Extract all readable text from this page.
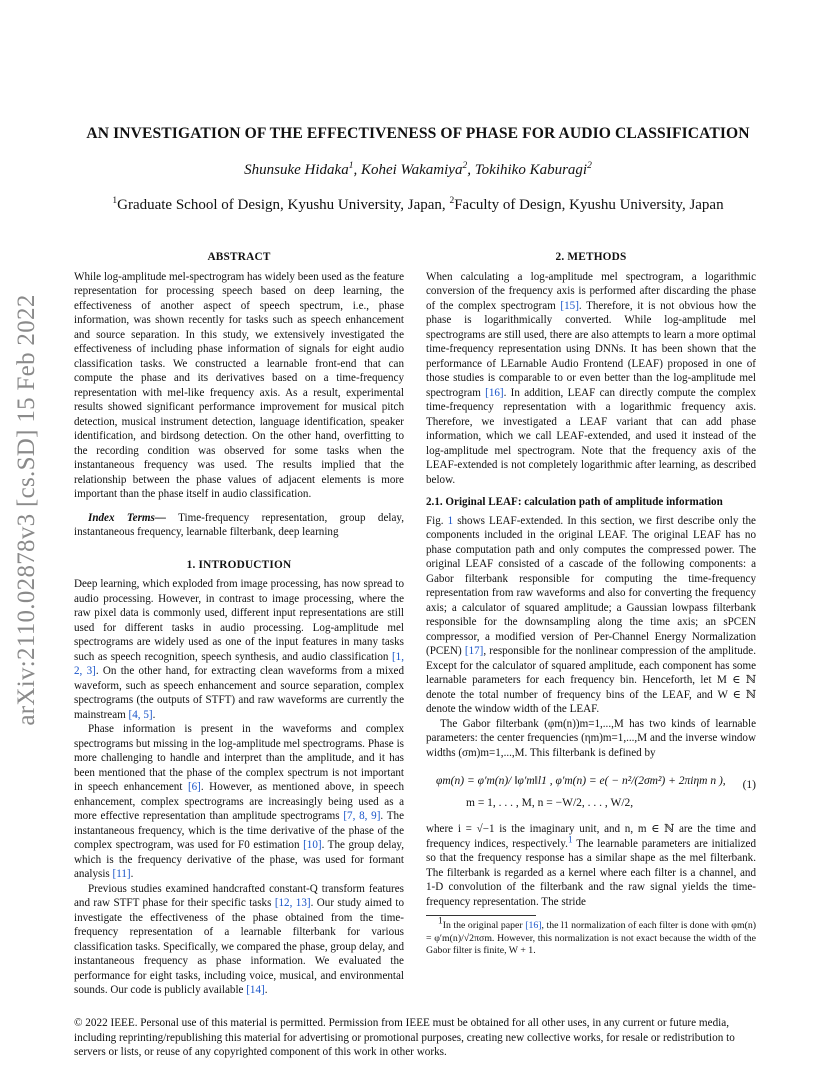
arXiv:2110.02878v3 [cs.SD] 15 Feb 2022
AN INVESTIGATION OF THE EFFECTIVENESS OF PHASE FOR AUDIO CLASSIFICATION
Shunsuke Hidaka$^1$, Kohei Wakamiya$^2$, Tokihiko Kaburagi$^2$
$^1$Graduate School of Design, Kyushu University, Japan, $^2$Faculty of Design, Kyushu University, Japan
ABSTRACT

While log-amplitude mel-spectrogram has widely been used as the feature representation for processing speech based on deep learning, the effectiveness of another aspect of speech spectrum, i.e., phase information, was shown recently for tasks such as speech enhancement and source separation. In this study, we extensively investigated the effectiveness of including phase information of signals for eight audio classification tasks. We constructed a learnable front-end that can compute the phase and its derivatives based on a time-frequency representation with mel-like frequency axis. As a result, experimental results showed significant performance improvement for musical pitch detection, musical instrument detection, language identification, speaker identification, and birdsong detection. On the other hand, overfitting to the recording condition was observed for some tasks when the instantaneous frequency was used. The results implied that the relationship between the phase values of adjacent elements is more important than the phase itself in audio classification.

Index Terms— Time-frequency representation, group delay, instantaneous frequency, learnable filterbank, deep learning

1. INTRODUCTION

Deep learning, which exploded from image processing, has now spread to audio processing. However, in contrast to image processing, where the raw pixel data is commonly used, different input representations are still used for different tasks in audio processing. Log-amplitude mel spectrograms are widely used as one of the input features in many tasks such as speech recognition, speech synthesis, and audio classification [1, 2, 3]. On the other hand, for extracting clean waveforms from a mixed waveform, such as speech enhancement and source separation, complex spectrograms (the outputs of STFT) and raw waveforms are currently the mainstream [4, 5].

Phase information is present in the waveforms and complex spectrograms but missing in the log-amplitude mel spectrograms. Phase is more challenging to handle and interpret than the amplitude, and it has been mentioned that the phase of the complex spectrum is not important in speech enhancement [6]. However, as mentioned above, in speech enhancement, complex spectrograms are increasingly being used as a more effective representation than amplitude spectrograms [7, 8, 9]. The instantaneous frequency, which is the time derivative of the phase of the complex spectrogram, was used for F0 estimation [10]. The group delay, which is the frequency derivative of the phase, was used for formant analysis [11].

Previous studies examined handcrafted constant-Q transform features and raw STFT phase for their specific tasks [12, 13]. Our study aimed to investigate the effectiveness of the phase obtained from the time-frequency representation of a learnable filterbank for various classification tasks. Specifically, we compared the phase, group delay, and instantaneous frequency as phase information. We evaluated the performance for eight tasks, including voice, musical, and environmental sounds. Our code is publicly available [14].

2. METHODS

When calculating a log-amplitude mel spectrogram, a logarithmic conversion of the frequency axis is performed after discarding the phase of the complex spectrogram [15]. Therefore, it is not obvious how the phase is logarithmically converted. While log-amplitude mel spectrograms are still used, there are also attempts to learn a more optimal time-frequency representation using DNNs. It has been shown that the performance of LEarnable Audio Frontend (LEAF) proposed in one of those studies is comparable to or even better than the log-amplitude mel spectrogram [16]. In addition, LEAF can directly compute the complex time-frequency representation with a logarithmic frequency axis. Therefore, we investigated a LEAF variant that can add phase information, which we call LEAF-extended, and used it instead of the log-amplitude mel spectrogram. Note that the frequency axis of the LEAF-extended is not completely logarithmic after learning, as described below.

2.1. Original LEAF: calculation path of amplitude information

Fig. 1 shows LEAF-extended. In this section, we first describe only the components included in the original LEAF. The original LEAF has no phase computation path and only computes the compressed power. The original LEAF consisted of a cascade of the following components: a Gabor filterbank responsible for computing the time-frequency representation from raw waveforms and also for converting the frequency axis; a calculator of squared amplitude; a Gaussian lowpass filterbank responsible for the downsampling along the time axis; an sPCEN compressor, a modified version of Per-Channel Energy Normalization (PCEN) [17], responsible for the nonlinear compression of the amplitude. Except for the calculator of squared amplitude, each component has some learnable parameters for each frequency bin. Henceforth, let M ∈ ℕ denote the total number of frequency bins of the LEAF, and W ∈ ℕ denote the window width of the LEAF.

The Gabor filterbank (φm(n))m=1,...,M has two kinds of learnable parameters: the center frequencies (ηm)m=1,...,M and the inverse window widths (σm)m=1,...,M. This filterbank is defined by

φm(n) = φ′m(n)/ ‖φ′m‖l1 , φ′m(n) = e( − n²/(2σm²) + 2πiηm n ),
m = 1, . . . , M, n = −W/2, . . . , W/2,
(1)

where i = √−1 is the imaginary unit, and n, m ∈ ℕ are the time and frequency indices, respectively.$^1$ The learnable parameters are initialized so that the frequency response has a similar shape as the mel filterbank. The filterbank is regarded as a kernel where each filter is a channel, and 1-D convolution of the filterbank and the raw signal yields the time-frequency representation. The stride

$^1$In the original paper [16], the l1 normalization of each filter is done with φm(n) = φ′m(n)/√2πσm. However, this normalization is not exact because the width of the Gabor filter is finite, W + 1.

© 2022 IEEE. Personal use of this material is permitted. Permission from IEEE must be obtained for all other uses, in any current or future media, including reprinting/republishing this material for advertising or promotional purposes, creating new collective works, for resale or redistribution to servers or lists, or reuse of any copyrighted component of this work in other works.
